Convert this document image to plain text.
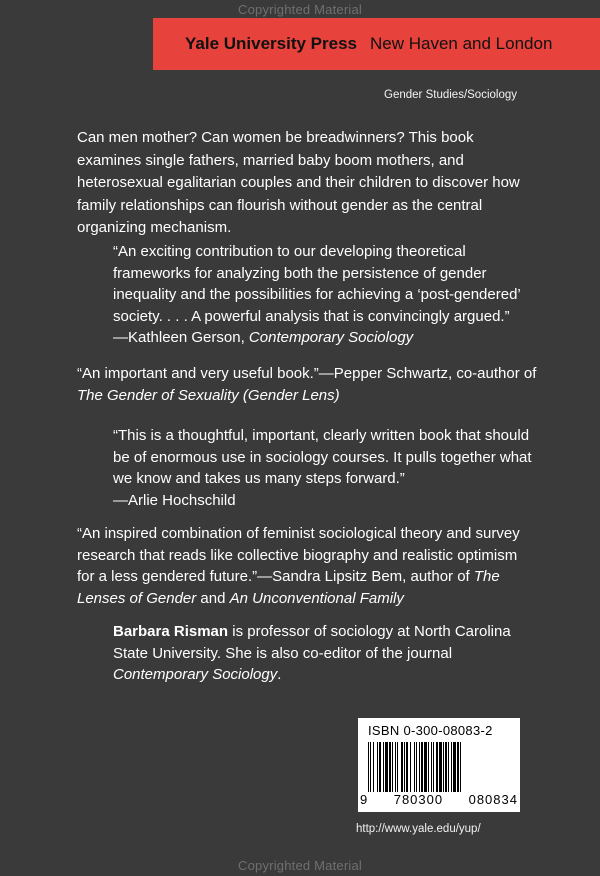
Copyrighted Material
Yale University Press New Haven and London
Gender Studies/Sociology
Can men mother? Can women be breadwinners? This book examines single fathers, married baby boom mothers, and heterosexual egalitarian couples and their children to discover how family relationships can flourish without gender as the central organizing mechanism.
“An exciting contribution to our developing theoretical frameworks for analyzing both the persistence of gender inequality and the possibilities for achieving a ‘post-gendered’ society. . . . A powerful analysis that is convincingly argued.”
—Kathleen Gerson, Contemporary Sociology
“An important and very useful book.”—Pepper Schwartz, co-author of The Gender of Sexuality (Gender Lens)
“This is a thoughtful, important, clearly written book that should be of enormous use in sociology courses. It pulls together what we know and takes us many steps forward.”
—Arlie Hochschild
“An inspired combination of feminist sociological theory and survey research that reads like collective biography and realistic optimism for a less gendered future.”—Sandra Lipsitz Bem, author of The Lenses of Gender and An Unconventional Family
Barbara Risman is professor of sociology at North Carolina State University. She is also co-editor of the journal Contemporary Sociology.
ISBN 0-300-08083-2
9 780300 080834
http://www.yale.edu/yup/
Copyrighted Material
